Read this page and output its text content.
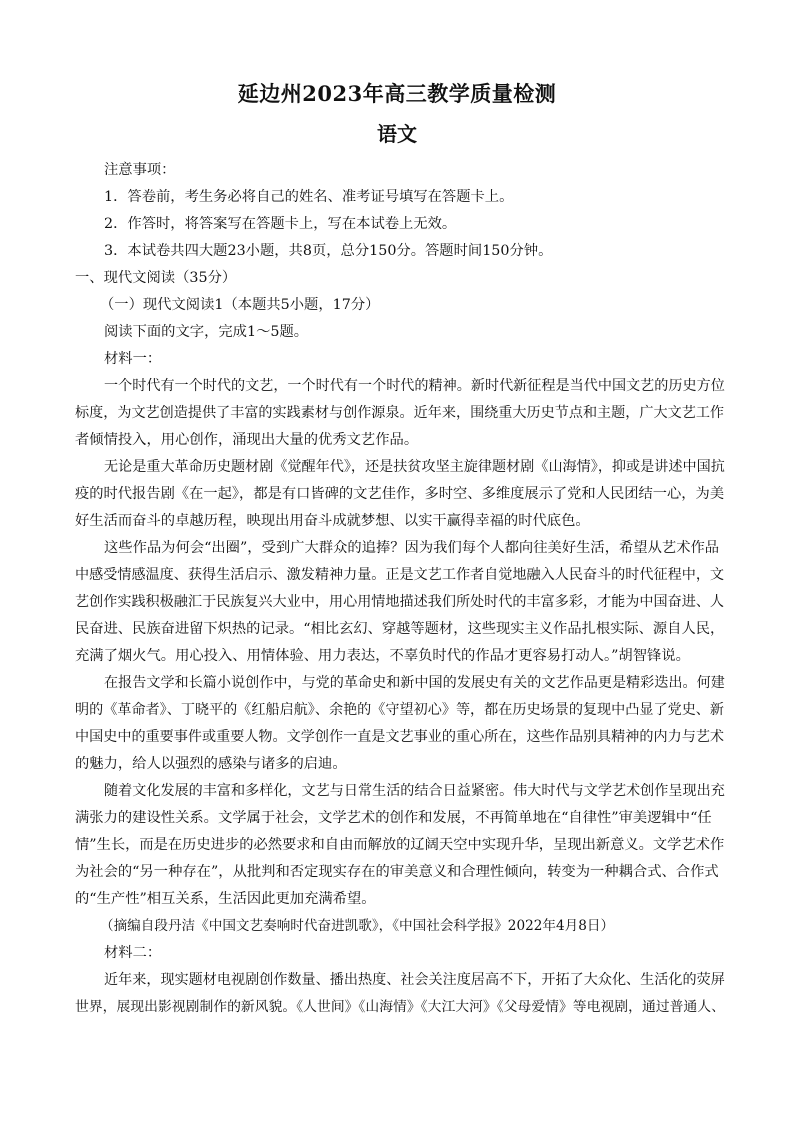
延边州2023年高三教学质量检测
语文
注意事项：
1．答卷前，考生务必将自己的姓名、准考证号填写在答题卡上。
2．作答时，将答案写在答题卡上，写在本试卷上无效。
3．本试卷共四大题23小题，共8页，总分150分。答题时间150分钟。
一、现代文阅读（35分）
（一）现代文阅读1（本题共5小题，17分）
阅读下面的文字，完成1～5题。
材料一：
一个时代有一个时代的文艺，一个时代有一个时代的精神。新时代新征程是当代中国文艺的历史方位
标度，为文艺创造提供了丰富的实践素材与创作源泉。近年来，围绕重大历史节点和主题，广大文艺工作
者倾情投入，用心创作，涌现出大量的优秀文艺作品。
无论是重大革命历史题材剧《觉醒年代》，还是扶贫攻坚主旋律题材剧《山海情》，抑或是讲述中国抗
疫的时代报告剧《在一起》，都是有口皆碑的文艺佳作，多时空、多维度展示了党和人民团结一心，为美
好生活而奋斗的卓越历程，映现出用奋斗成就梦想、以实干赢得幸福的时代底色。
这些作品为何会“出圈”，受到广大群众的追捧？因为我们每个人都向往美好生活，希望从艺术作品
中感受情感温度、获得生活启示、激发精神力量。正是文艺工作者自觉地融入人民奋斗的时代征程中，文
艺创作实践积极融汇于民族复兴大业中，用心用情地描述我们所处时代的丰富多彩，才能为中国奋进、人
民奋进、民族奋进留下炽热的记录。“相比玄幻、穿越等题材，这些现实主义作品扎根实际、源自人民，
充满了烟火气。用心投入、用情体验、用力表达，不辜负时代的作品才更容易打动人。”胡智锋说。
在报告文学和长篇小说创作中，与党的革命史和新中国的发展史有关的文艺作品更是精彩迭出。何建
明的《革命者》、丁晓平的《红船启航》、余艳的《守望初心》等，都在历史场景的复现中凸显了党史、新
中国史中的重要事件或重要人物。文学创作一直是文艺事业的重心所在，这些作品别具精神的内力与艺术
的魅力，给人以强烈的感染与诸多的启迪。
随着文化发展的丰富和多样化，文艺与日常生活的结合日益紧密。伟大时代与文学艺术创作呈现出充
满张力的建设性关系。文学属于社会，文学艺术的创作和发展，不再简单地在“自律性”审美逻辑中“任
情”生长，而是在历史进步的必然要求和自由而解放的辽阔天空中实现升华，呈现出新意义。文学艺术作
为社会的“另一种存在”，从批判和否定现实存在的审美意义和合理性倾向，转变为一种耦合式、合作式
的“生产性”相互关系，生活因此更加充满希望。
（摘编自段丹洁《中国文艺奏响时代奋进凯歌》，《中国社会科学报》2022年4月8日）
材料二：
近年来，现实题材电视剧创作数量、播出热度、社会关注度居高不下，开拓了大众化、生活化的荧屏
世界，展现出影视剧制作的新风貌。《人世间》《山海情》《大江大河》《父母爱情》等电视剧，通过普通人、
